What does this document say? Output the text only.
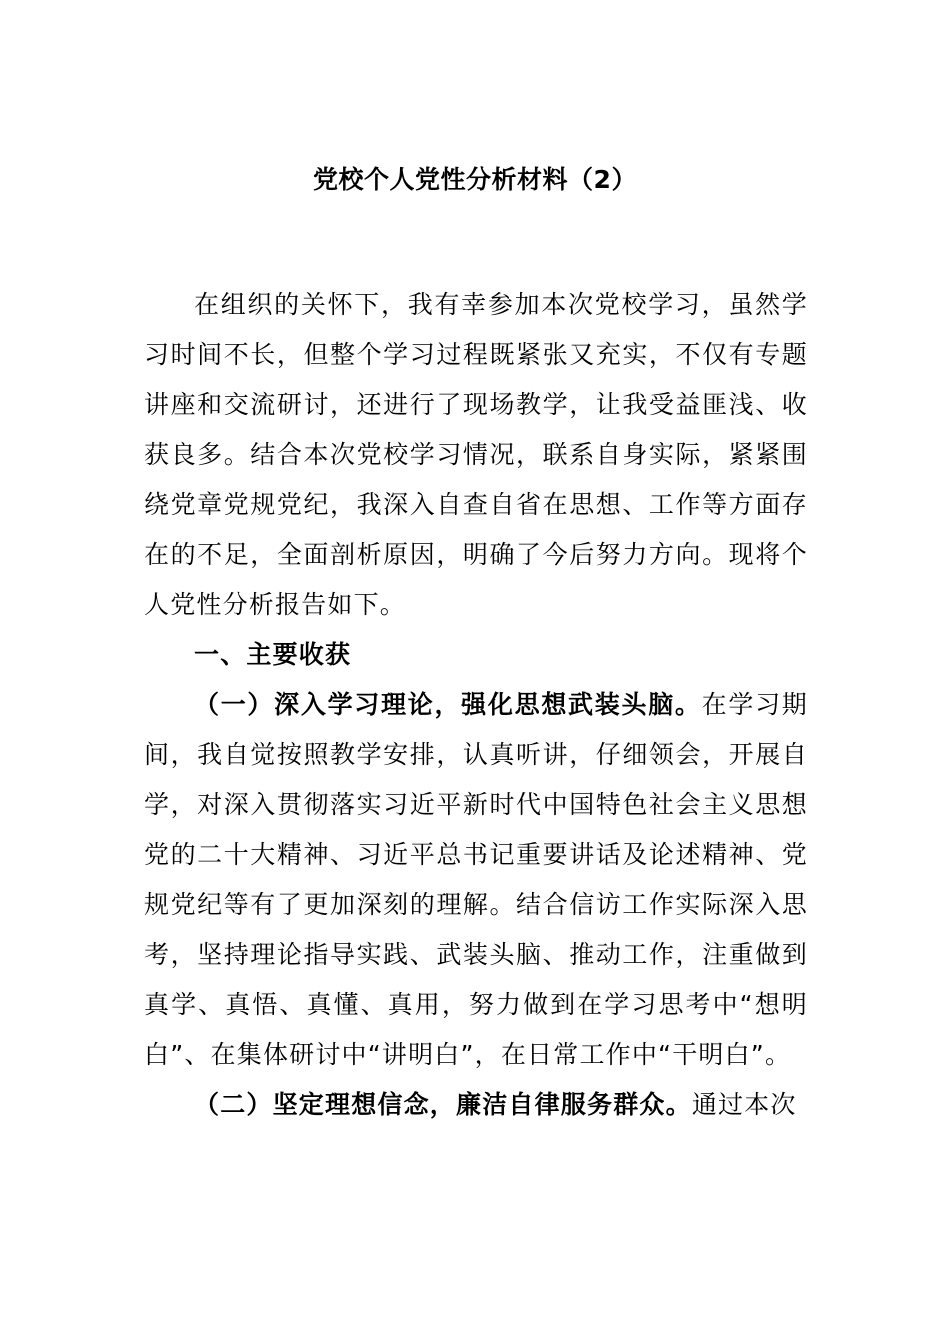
党校个人党性分析材料（2）

在组织的关怀下，我有幸参加本次党校学习，虽然学习时间不长，但整个学习过程既紧张又充实，不仅有专题讲座和交流研讨，还进行了现场教学，让我受益匪浅、收获良多。结合本次党校学习情况，联系自身实际，紧紧围绕党章党规党纪，我深入自查自省在思想、工作等方面存在的不足，全面剖析原因，明确了今后努力方向。现将个人党性分析报告如下。

一、主要收获

（一）深入学习理论，强化思想武装头脑。在学习期间，我自觉按照教学安排，认真听讲，仔细领会，开展自学，对深入贯彻落实习近平新时代中国特色社会主义思想党的二十大精神、习近平总书记重要讲话及论述精神、党规党纪等有了更加深刻的理解。结合信访工作实际深入思考，坚持理论指导实践、武装头脑、推动工作，注重做到真学、真悟、真懂、真用，努力做到在学习思考中“想明白”、在集体研讨中“讲明白”，在日常工作中“干明白”。

（二）坚定理想信念，廉洁自律服务群众。通过本次
